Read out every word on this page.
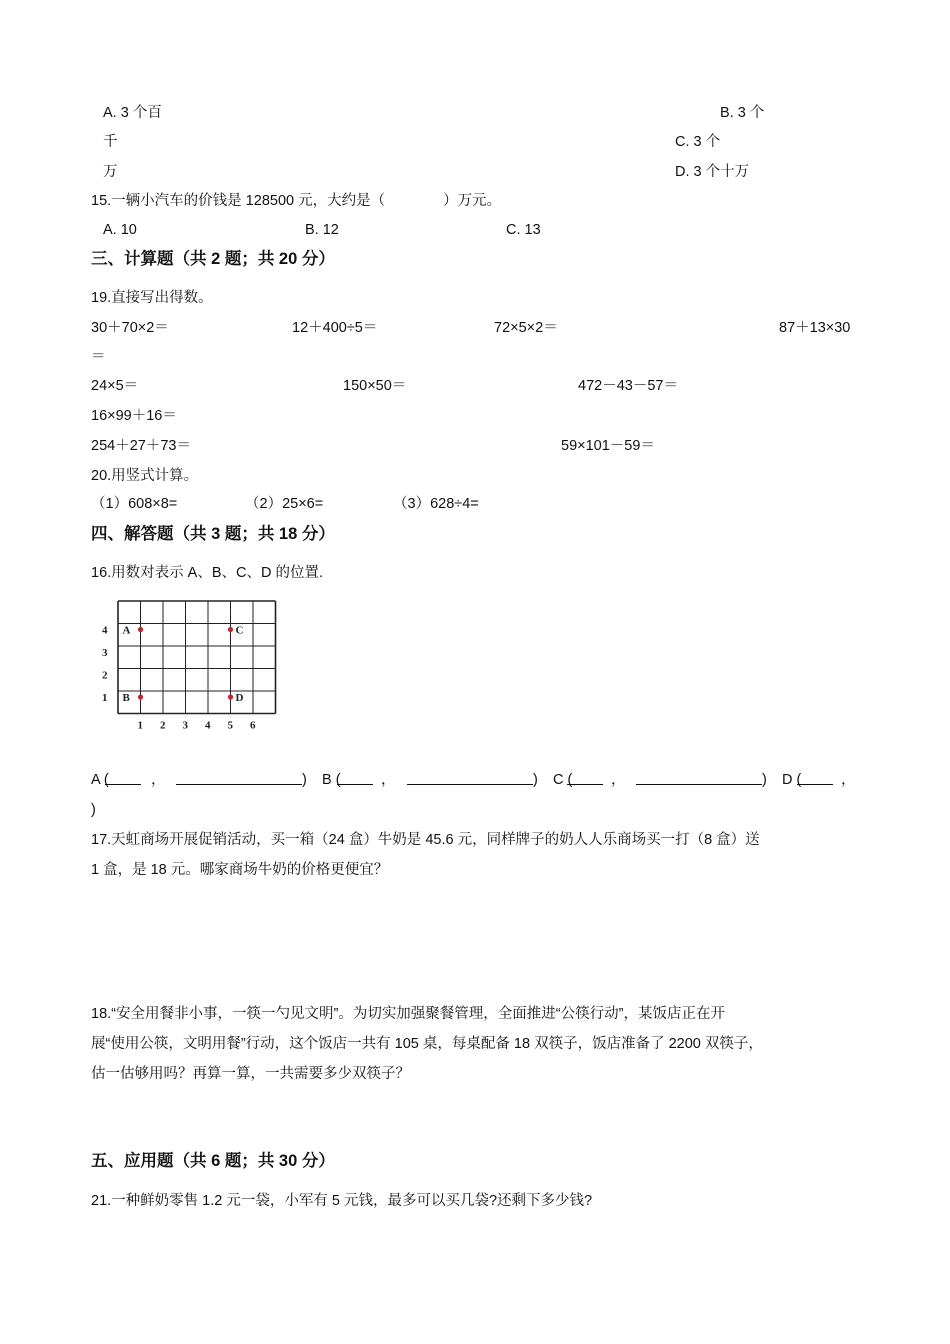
A. 3 个百	B. 3 个
千	C. 3 个
万	D. 3 个十万
15.一辆小汽车的价钱是 128500 元，大约是（　　　　）万元。
A. 10	B. 12	C. 13
三、计算题（共 2 题；共 20 分）
19.直接写出得数。
30＋70×2＝	12＋400÷5＝	72×5×2＝	87＋13×30
＝
24×5＝	150×50＝	472－43－57＝
16×99＋16＝
254＋27＋73＝	59×101－59＝
20.用竖式计算。
（1）608×8=	（2）25×6=	（3）628÷4=
四、解答题（共 3 题；共 18 分）
16.用数对表示 A、B、C、D 的位置.
1 2 3 4 5 6
1
2
3
4 A
B
C
D
A (	，	) B (	，	) C (	，	) D (	，
)
17.天虹商场开展促销活动，买一箱（24 盒）牛奶是 45.6 元，同样牌子的奶人人乐商场买一打（8 盒）送
1 盒，是 18 元。哪家商场牛奶的价格更便宜？
18.“安全用餐非小事，一筷一勺见文明”。为切实加强聚餐管理，全面推进“公筷行动”，某饭店正在开
展“使用公筷，文明用餐”行动，这个饭店一共有 105 桌，每桌配备 18 双筷子，饭店准备了 2200 双筷子，
估一估够用吗？再算一算，一共需要多少双筷子？
五、应用题（共 6 题；共 30 分）
21.一种鲜奶零售 1.2 元一袋，小军有 5 元钱，最多可以买几袋?还剩下多少钱?
